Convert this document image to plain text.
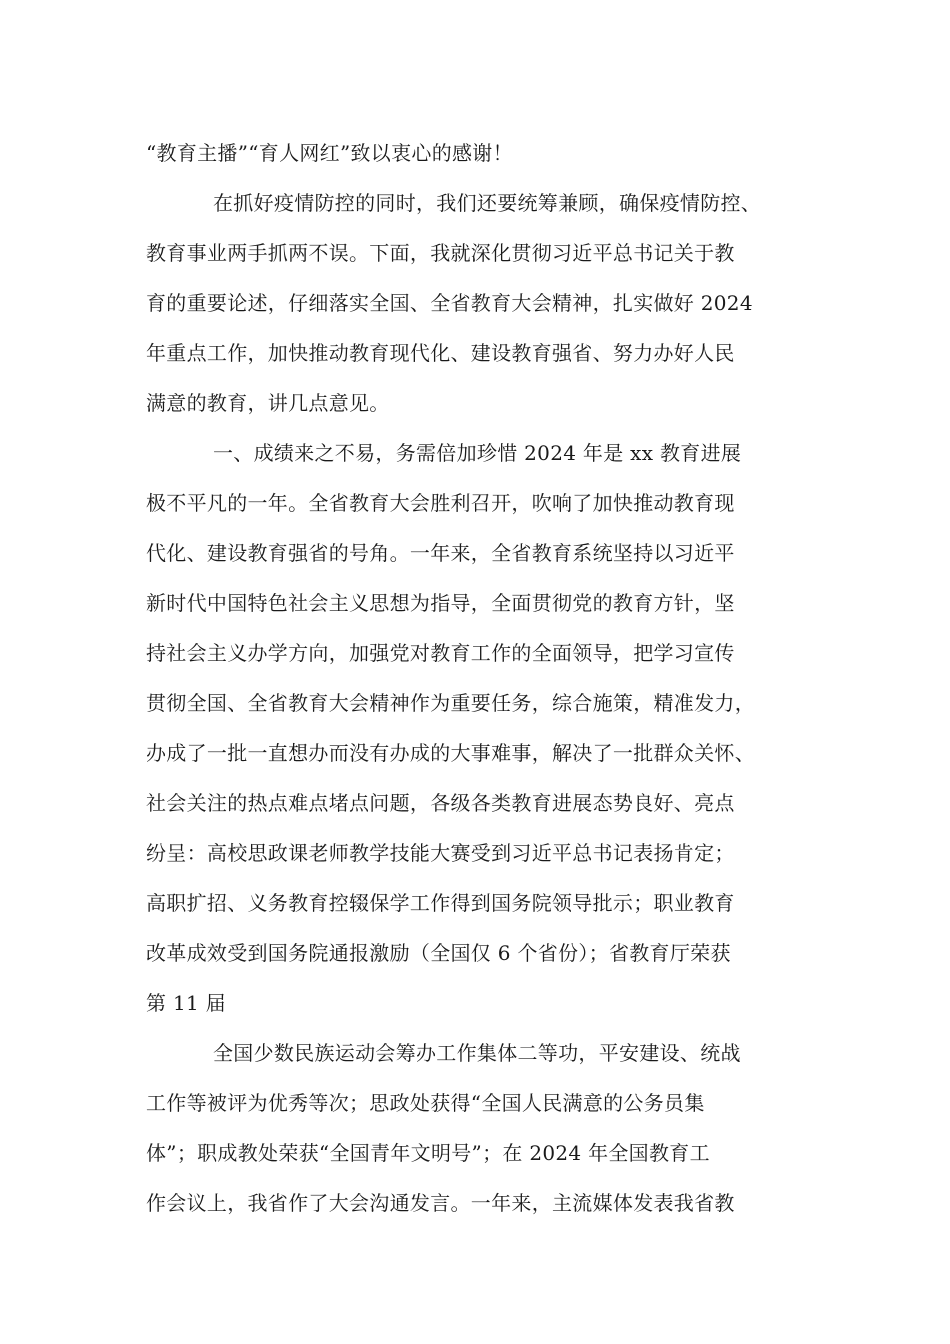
“教育主播”“育人网红”致以衷心的感谢！
在抓好疫情防控的同时，我们还要统筹兼顾，确保疫情防控、
教育事业两手抓两不误。下面，我就深化贯彻习近平总书记关于教
育的重要论述，仔细落实全国、全省教育大会精神，扎实做好 2024
年重点工作，加快推动教育现代化、建设教育强省、努力办好人民
满意的教育，讲几点意见。
一、成绩来之不易，务需倍加珍惜 2024 年是 xx 教育进展
极不平凡的一年。全省教育大会胜利召开，吹响了加快推动教育现
代化、建设教育强省的号角。一年来，全省教育系统坚持以习近平
新时代中国特色社会主义思想为指导，全面贯彻党的教育方针，坚
持社会主义办学方向，加强党对教育工作的全面领导，把学习宣传
贯彻全国、全省教育大会精神作为重要任务，综合施策，精准发力，
办成了一批一直想办而没有办成的大事难事，解决了一批群众关怀、
社会关注的热点难点堵点问题，各级各类教育进展态势良好、亮点
纷呈：高校思政课老师教学技能大赛受到习近平总书记表扬肯定；
高职扩招、义务教育控辍保学工作得到国务院领导批示；职业教育
改革成效受到国务院通报激励（全国仅 6 个省份）；省教育厅荣获
第 11 届
全国少数民族运动会筹办工作集体二等功，平安建设、统战
工作等被评为优秀等次；思政处获得“全国人民满意的公务员集
体”；职成教处荣获“全国青年文明号”；在 2024 年全国教育工
作会议上，我省作了大会沟通发言。一年来，主流媒体发表我省教
